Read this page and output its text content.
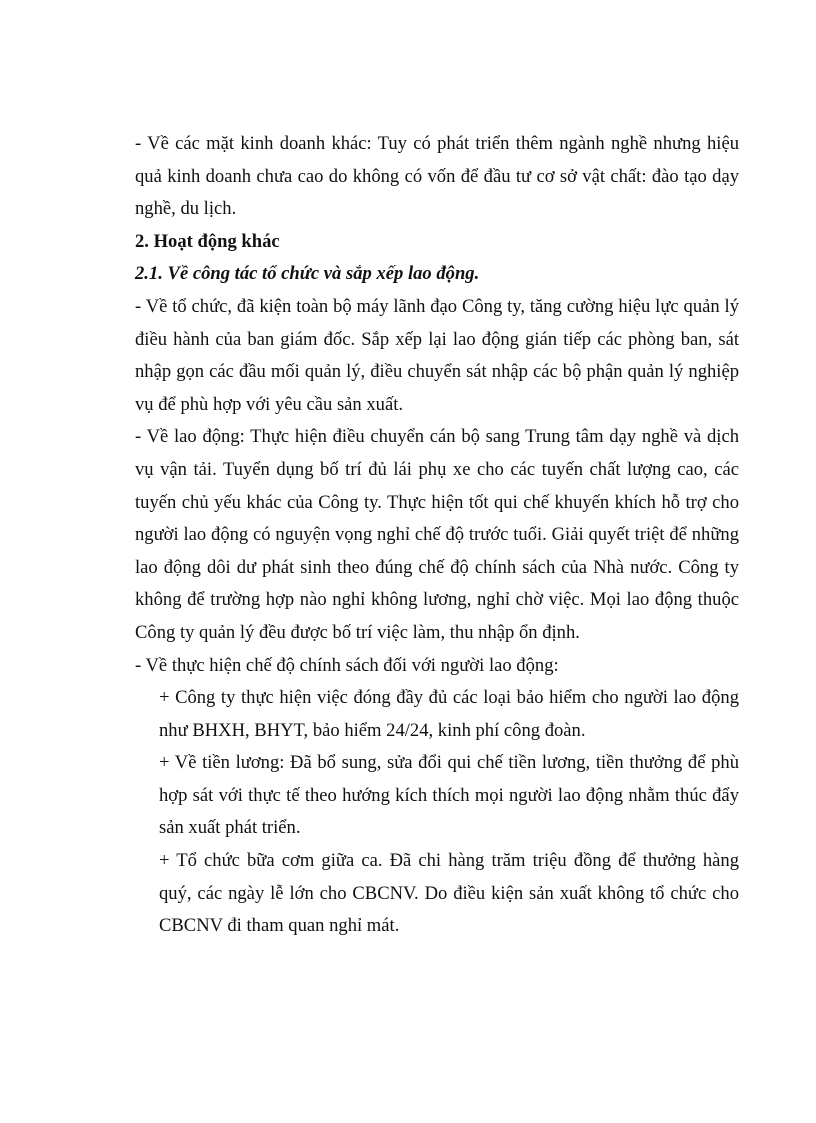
- Về các mặt kinh doanh khác: Tuy có phát triển thêm ngành nghề nhưng hiệu quả kinh doanh chưa cao do không có vốn để đầu tư cơ sở vật chất: đào tạo dạy nghề, du lịch.

2. Hoạt động khác

2.1. Về công tác tổ chức và sắp xếp lao động.

- Về tổ chức, đã kiện toàn bộ máy lãnh đạo Công ty, tăng cường hiệu lực quản lý điều hành của ban giám đốc. Sắp xếp lại lao động gián tiếp các phòng ban, sát nhập gọn các đầu mối quản lý, điều chuyển sát nhập các bộ phận quản lý nghiệp vụ để phù hợp với yêu cầu sản xuất.

- Về lao động: Thực hiện điều chuyển cán bộ sang Trung tâm dạy nghề và dịch vụ vận tải. Tuyển dụng bố trí đủ lái phụ xe cho các tuyến chất lượng cao, các tuyến chủ yếu khác của Công ty. Thực hiện tốt qui chế khuyến khích hỗ trợ cho người lao động có nguyện vọng nghỉ chế độ trước tuổi. Giải quyết triệt để những lao động dôi dư phát sinh theo đúng chế độ chính sách của Nhà nước. Công ty không để trường hợp nào nghỉ không lương, nghỉ chờ việc. Mọi lao động thuộc Công ty quản lý đều được bố trí việc làm, thu nhập ổn định.

- Về thực hiện chế độ chính sách đối với người lao động:

+ Công ty thực hiện việc đóng đầy đủ các loại bảo hiểm cho người lao động như BHXH, BHYT, bảo hiểm 24/24, kinh phí công đoàn.

+ Về tiền lương: Đã bổ sung, sửa đổi qui chế tiền lương, tiền thưởng để phù hợp sát với thực tế theo hướng kích thích mọi người lao động nhằm thúc đẩy sản xuất phát triển.

+ Tổ chức bữa cơm giữa ca. Đã chi hàng trăm triệu đồng để thưởng hàng quý, các ngày lễ lớn cho CBCNV. Do điều kiện sản xuất không tổ chức cho CBCNV đi tham quan nghỉ mát.
